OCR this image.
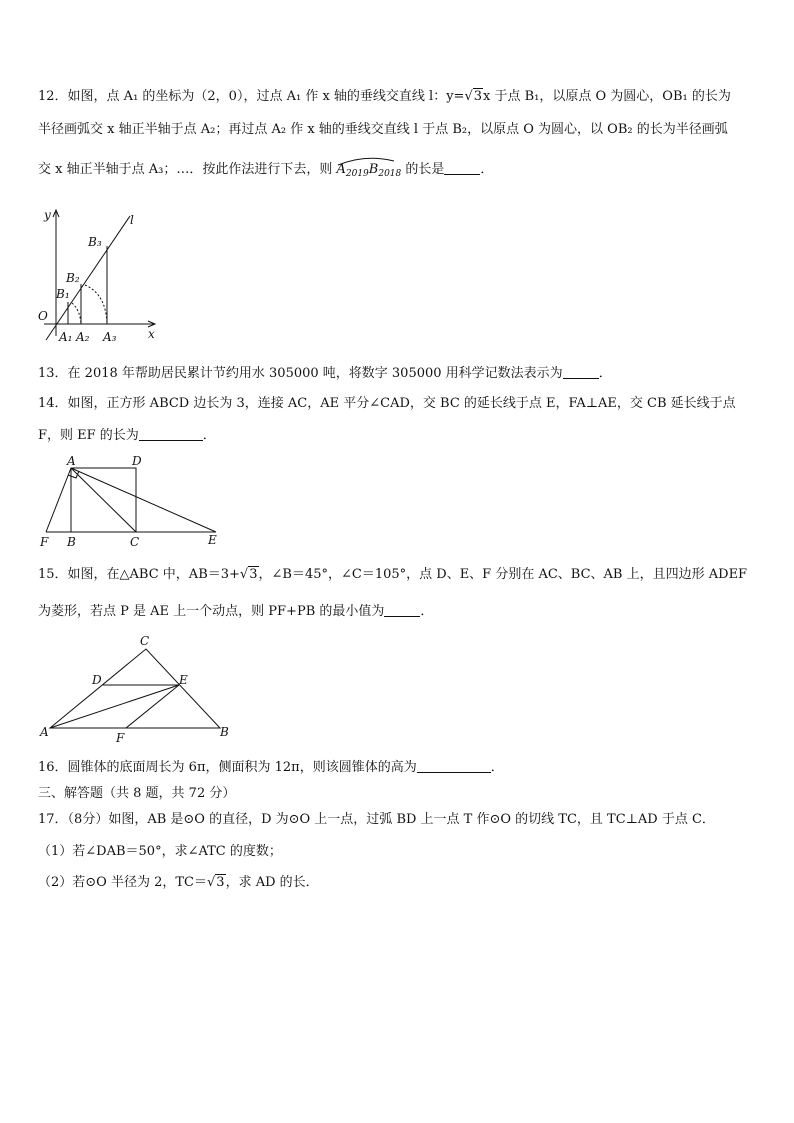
12．如图，点 A₁ 的坐标为（2，0），过点 A₁ 作 x 轴的垂线交直线 l：y=√3x 于点 B₁，以原点 O 为圆心，OB₁ 的长为
半径画弧交 x 轴正半轴于点 A₂；再过点 A₂ 作 x 轴的垂线交直线 l 于点 B₂，以原点 O 为圆心，以 OB₂ 的长为半径画弧
交 x 轴正半轴于点 A₃；…．按此作法进行下去，则 $A_{2019}B_{2018}$ 的长是	．
y	l
O
x
A₁ A₂ A₃
B₁
B₂
B₃
13．在 2018 年帮助居民累计节约用水 305000 吨，将数字 305000 用科学记数法表示为	．
14．如图，正方形 ABCD 边长为 3，连接 AC，AE 平分∠CAD，交 BC 的延长线于点 E，FA⊥AE，交 CB 延长线于点
F，则 EF 的长为	．
A	D
F B	C	E
15．如图，在△ABC 中，AB＝3+√3，∠B＝45°，∠C＝105°，点 D、E、F 分别在 AC、BC、AB 上，且四边形 ADEF
为菱形，若点 P 是 AE 上一个动点，则 PF+PB 的最小值为	．
C
D	E
A	F	B
16．圆锥体的底面周长为 6π，侧面积为 12π，则该圆锥体的高为	．
三、解答题（共 8 题，共 72 分）
17．（8分）如图，AB 是⊙O 的直径，D 为⊙O 上一点，过弧 BD 上一点 T 作⊙O 的切线 TC，且 TC⊥AD 于点 C．
（1）若∠DAB＝50°，求∠ATC 的度数；
（2）若⊙O 半径为 2，TC＝√3，求 AD 的长．
